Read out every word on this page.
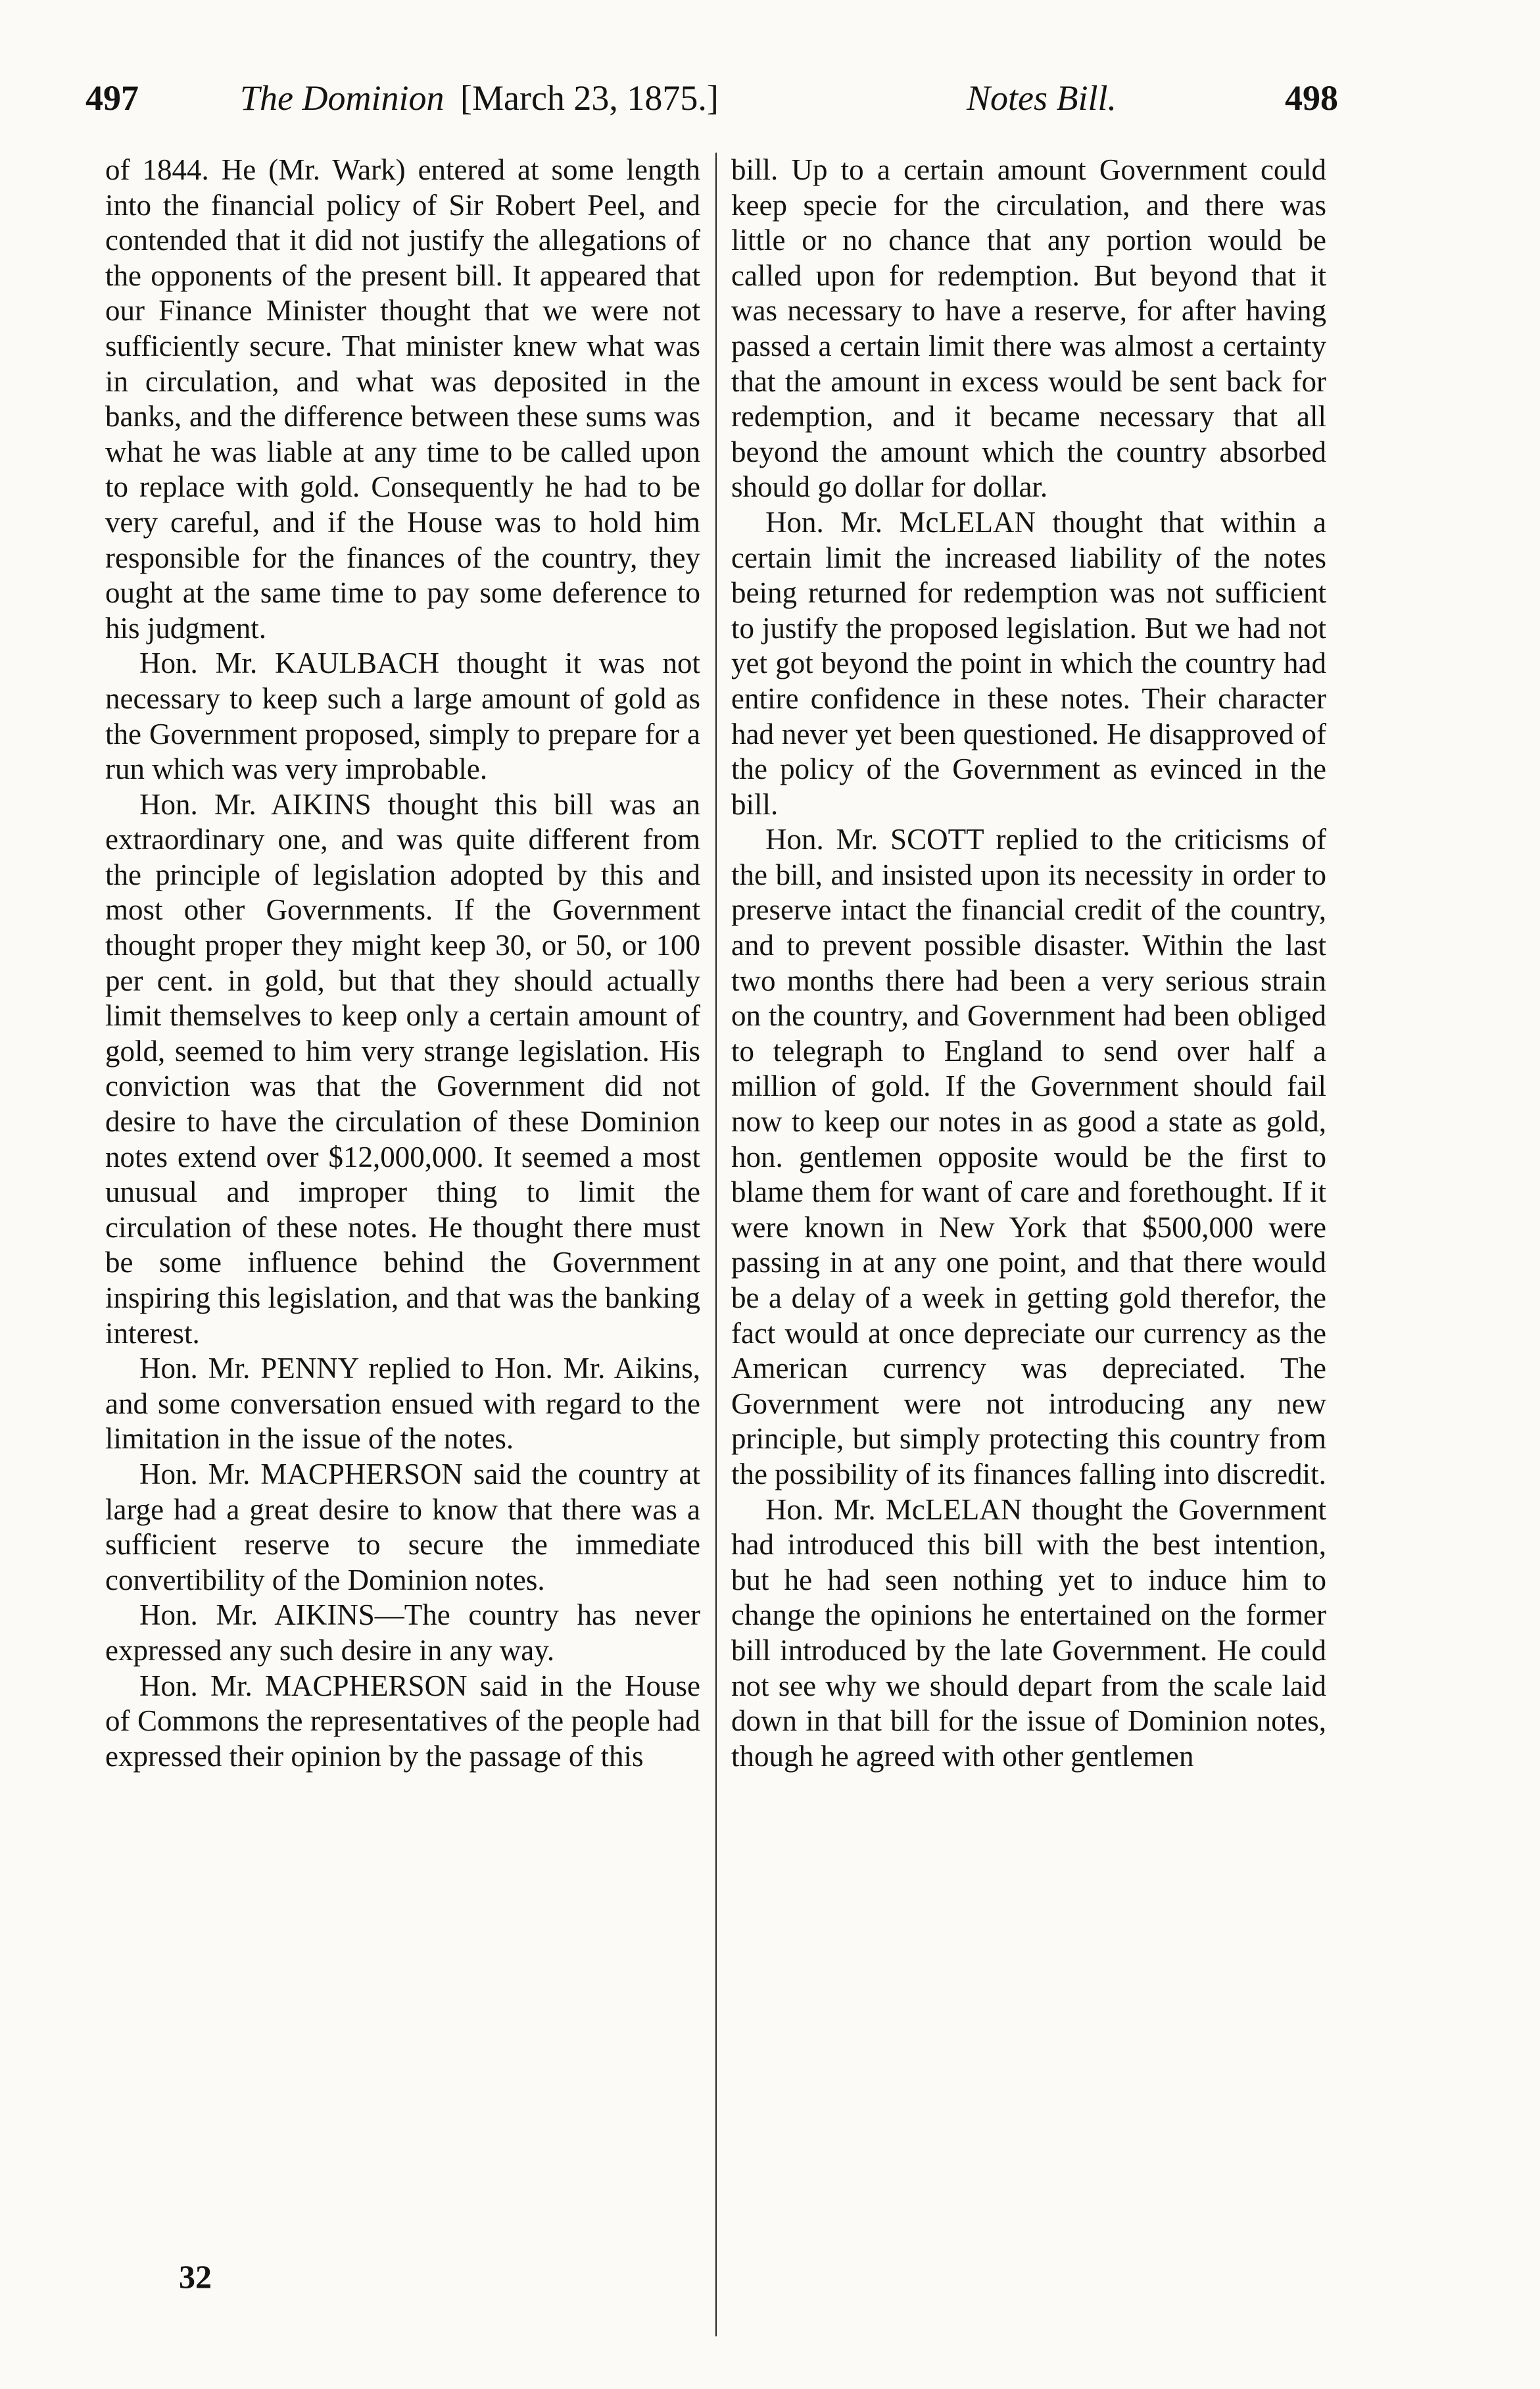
497	The Dominion [March 23, 1875.]	Notes Bill.	498

of 1844. He (Mr. Wark) entered at some length into the financial policy of Sir Robert Peel, and contended that it did not justify the allegations of the opponents of the present bill. It appeared that our Finance Minister thought that we were not sufficiently secure. That minister knew what was in circulation, and what was deposited in the banks, and the difference between these sums was what he was liable at any time to be called upon to replace with gold. Consequently he had to be very careful, and if the House was to hold him responsible for the finances of the country, they ought at the same time to pay some deference to his judgment.

Hon. Mr. KAULBACH thought it was not necessary to keep such a large amount of gold as the Government proposed, simply to prepare for a run which was very improbable.

Hon. Mr. AIKINS thought this bill was an extraordinary one, and was quite different from the principle of legislation adopted by this and most other Governments. If the Government thought proper they might keep 30, or 50, or 100 per cent. in gold, but that they should actually limit themselves to keep only a certain amount of gold, seemed to him very strange legislation. His conviction was that the Government did not desire to have the circulation of these Dominion notes extend over $12,000,000. It seemed a most unusual and improper thing to limit the circulation of these notes. He thought there must be some influence behind the Government inspiring this legislation, and that was the banking interest.

Hon. Mr. PENNY replied to Hon. Mr. Aikins, and some conversation ensued with regard to the limitation in the issue of the notes.

Hon. Mr. MACPHERSON said the country at large had a great desire to know that there was a sufficient reserve to secure the immediate convertibility of the Dominion notes.

Hon. Mr. AIKINS—The country has never expressed any such desire in any way.

Hon. Mr. MACPHERSON said in the House of Commons the representatives of the people had expressed their opinion by the passage of this

bill. Up to a certain amount Government could keep specie for the circulation, and there was little or no chance that any portion would be called upon for redemption. But beyond that it was necessary to have a reserve, for after having passed a certain limit there was almost a certainty that the amount in excess would be sent back for redemption, and it became necessary that all beyond the amount which the country absorbed should go dollar for dollar.

Hon. Mr. McLELAN thought that within a certain limit the increased liability of the notes being returned for redemption was not sufficient to justify the proposed legislation. But we had not yet got beyond the point in which the country had entire confidence in these notes. Their character had never yet been questioned. He disapproved of the policy of the Government as evinced in the bill.

Hon. Mr. SCOTT replied to the criticisms of the bill, and insisted upon its necessity in order to preserve intact the financial credit of the country, and to prevent possible disaster. Within the last two months there had been a very serious strain on the country, and Government had been obliged to telegraph to England to send over half a million of gold. If the Government should fail now to keep our notes in as good a state as gold, hon. gentlemen opposite would be the first to blame them for want of care and forethought. If it were known in New York that $500,000 were passing in at any one point, and that there would be a delay of a week in getting gold therefor, the fact would at once depreciate our currency as the American currency was depreciated. The Government were not introducing any new principle, but simply protecting this country from the possibility of its finances falling into discredit.

Hon. Mr. McLELAN thought the Government had introduced this bill with the best intention, but he had seen nothing yet to induce him to change the opinions he entertained on the former bill introduced by the late Government. He could not see why we should depart from the scale laid down in that bill for the issue of Dominion notes, though he agreed with other gentlemen

32
